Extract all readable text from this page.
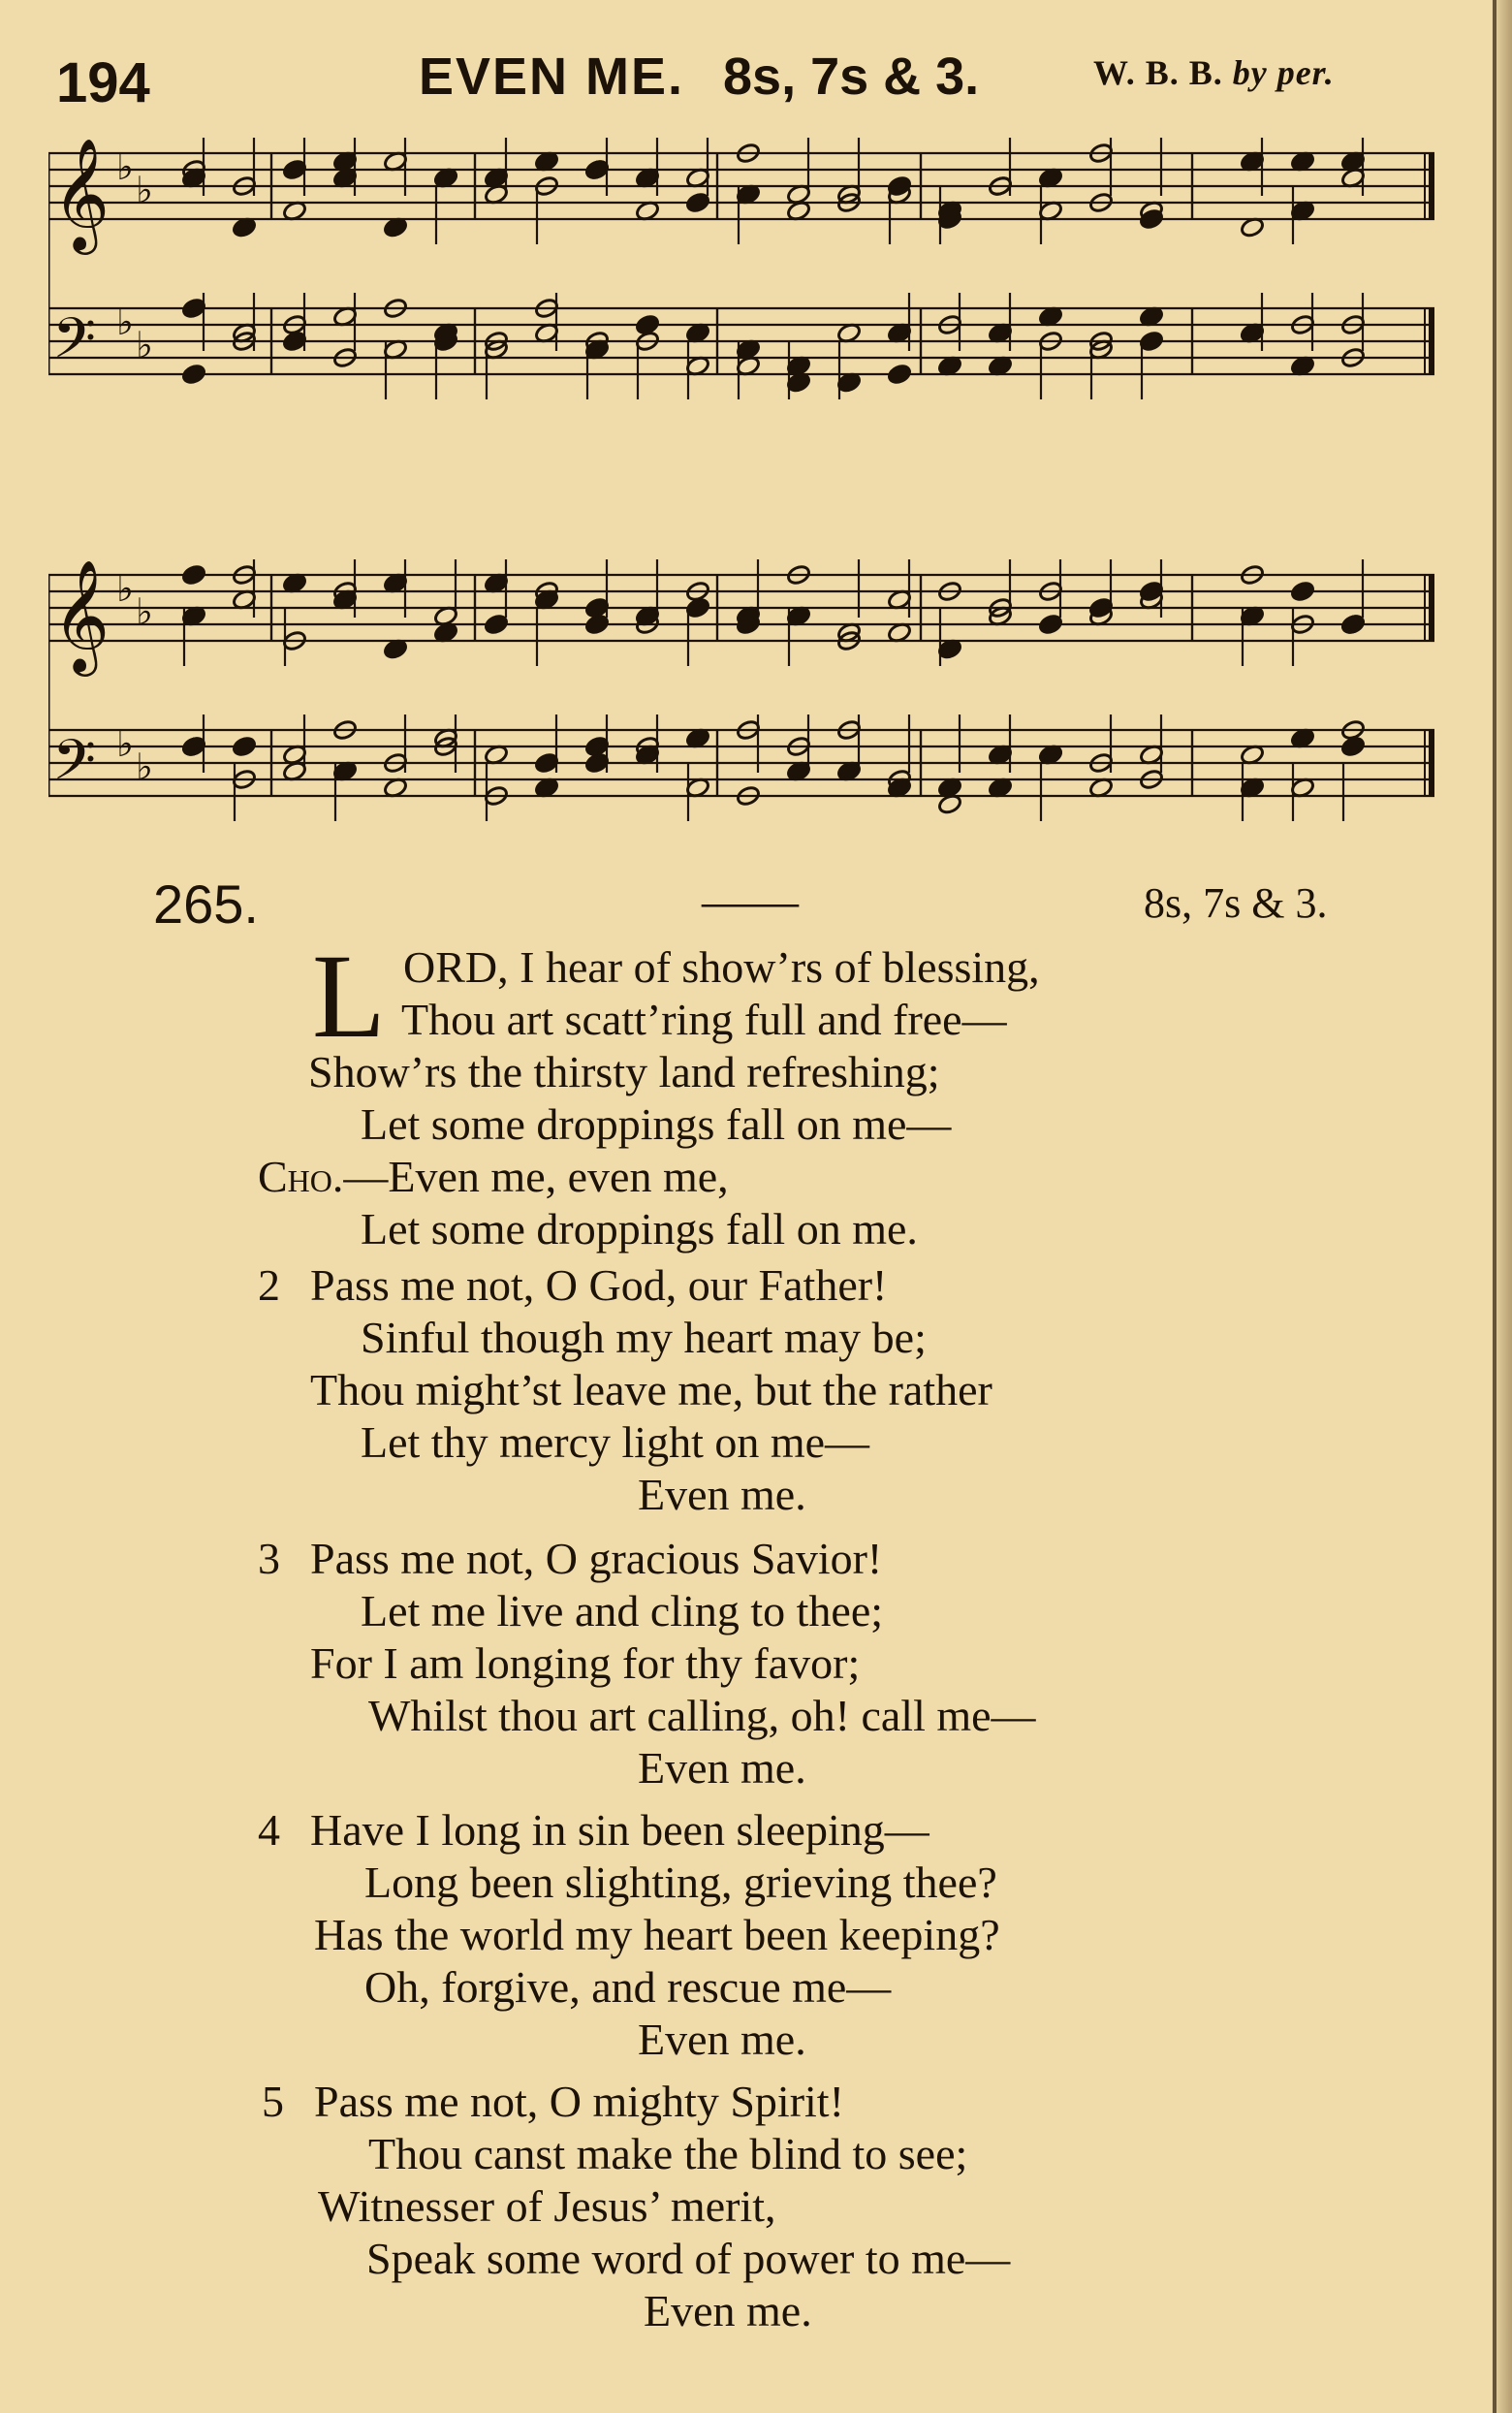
194	EVEN ME. 8s, 7s & 3.	W. B. B. by per.
𝄞 ♭
♭
𝄢 ♭
♭
𝄞 ♭
♭
𝄢 ♭
♭
265.	——	8s, 7s & 3.
L ORD, I hear of show’rs of blessing,
Thou art scatt’ring full and free—
Show’rs the thirsty land refreshing;
Let some droppings fall on me—
Cho.—Even me, even me,
Let some droppings fall on me.
2 Pass me not, O God, our Father!
Sinful though my heart may be;
Thou might’st leave me, but the rather
Let thy mercy light on me—
Even me.
3 Pass me not, O gracious Savior!
Let me live and cling to thee;
For I am longing for thy favor;
Whilst thou art calling, oh! call me—
Even me.
4 Have I long in sin been sleeping—
Long been slighting, grieving thee?
Has the world my heart been keeping?
Oh, forgive, and rescue me—
Even me.
5 Pass me not, O mighty Spirit!
Thou canst make the blind to see;
Witnesser of Jesus’ merit,
Speak some word of power to me—
Even me.
